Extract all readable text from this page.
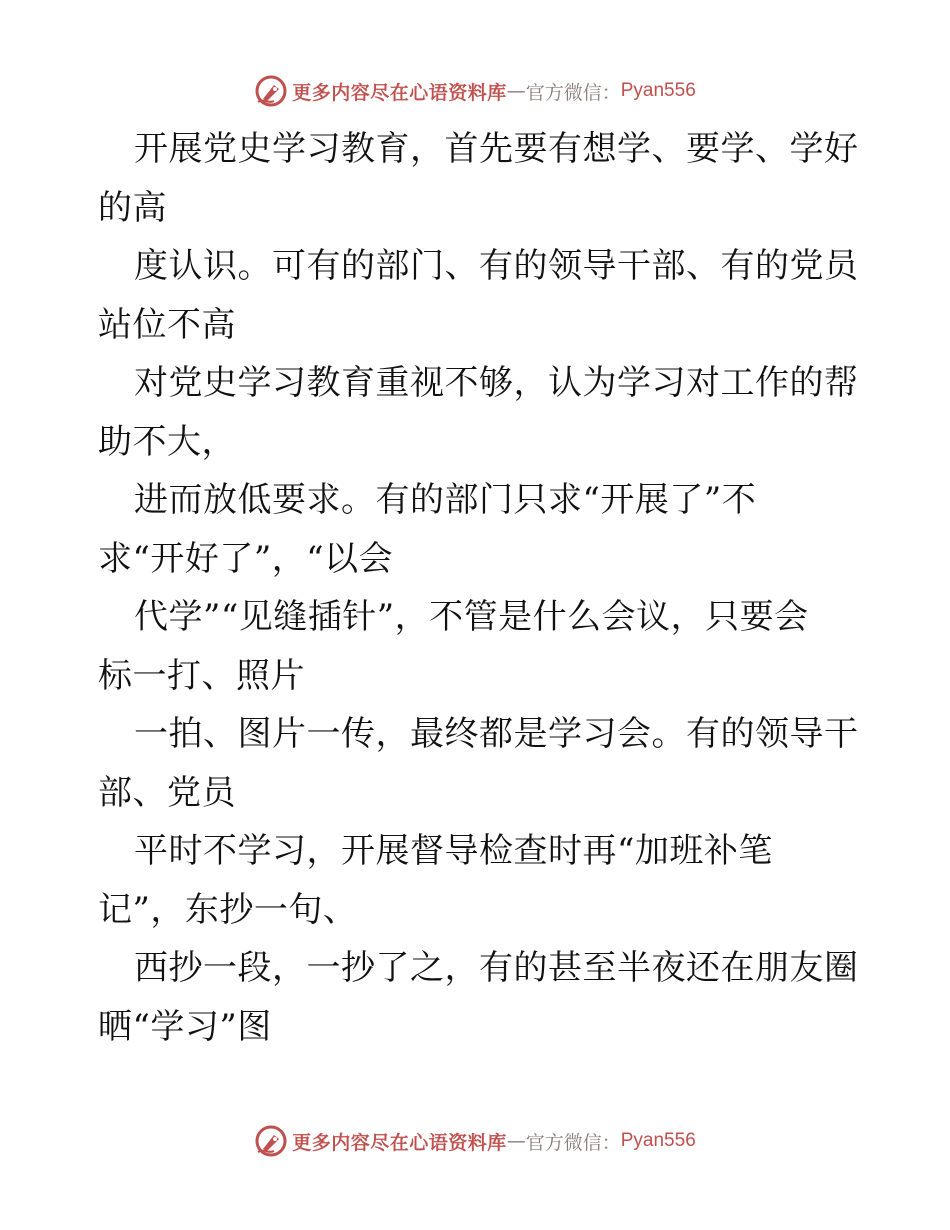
更多内容尽在心语资料库 — 官方微信： Pyan556
开展党史学习教育，首先要有想学、要学、学好
的高
度认识。可有的部门、有的领导干部、有的党员
站位不高
对党史学习教育重视不够，认为学习对工作的帮
助不大，
进而放低要求。有的部门只求“开展了”不
求“开好了”，“以会
代学”“见缝插针”，不管是什么会议，只要会
标一打、照片
一拍、图片一传，最终都是学习会。有的领导干
部、党员
平时不学习，开展督导检查时再“加班补笔
记”，东抄一句、
西抄一段，一抄了之，有的甚至半夜还在朋友圈
晒“学习”图
更多内容尽在心语资料库 — 官方微信： Pyan556
